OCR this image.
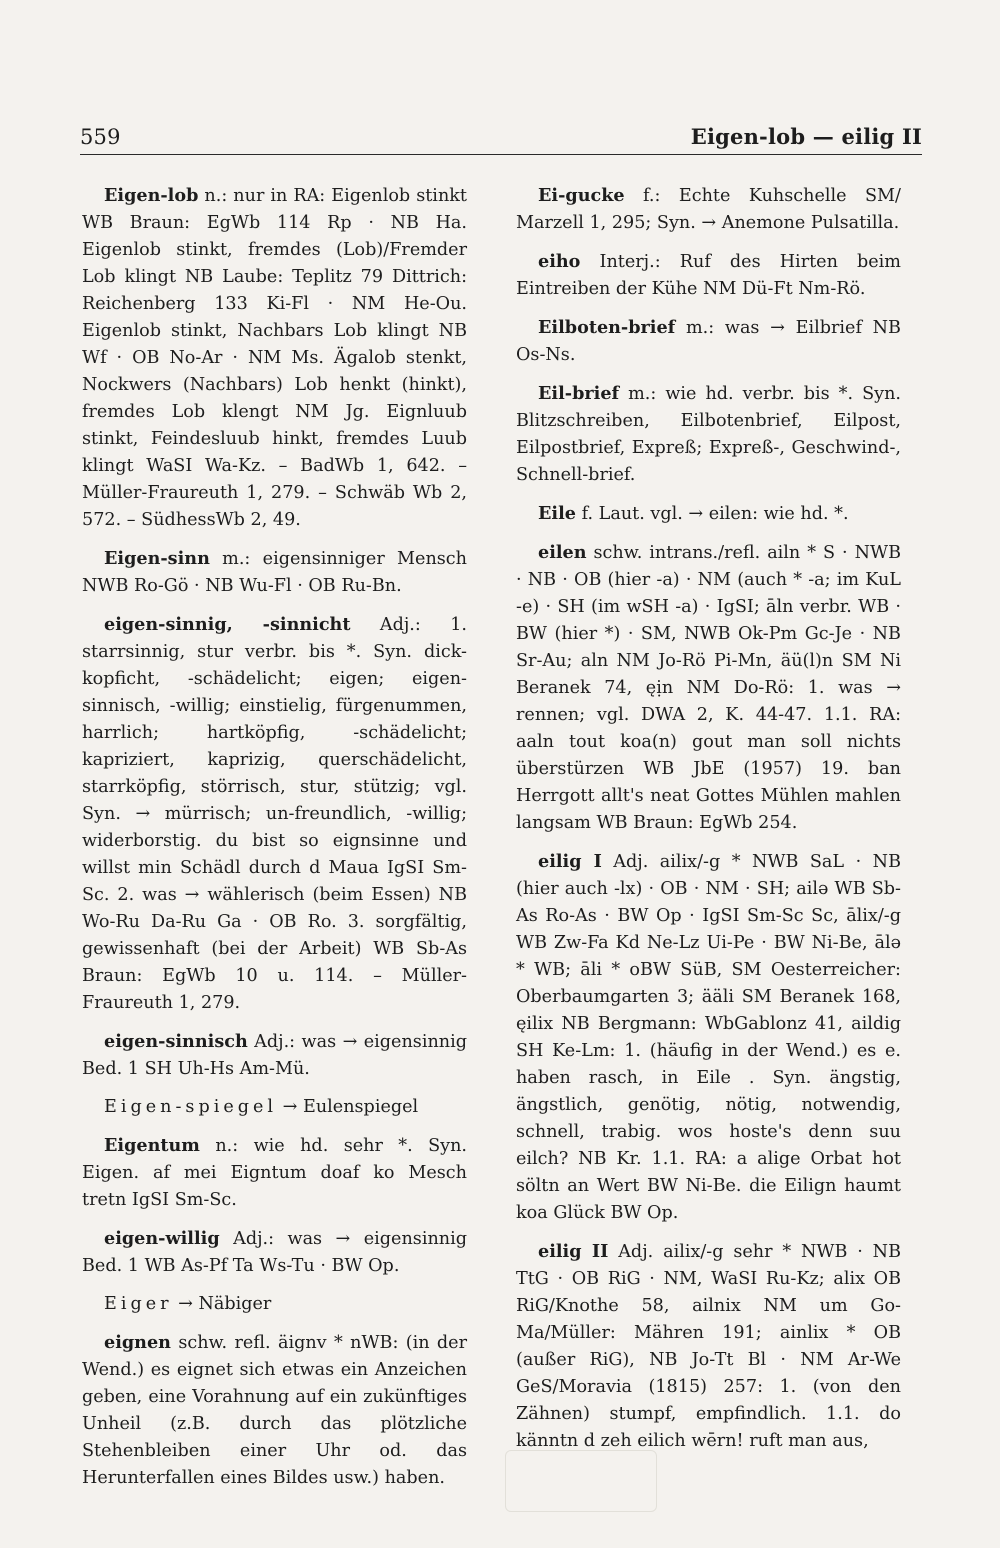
559	Eigen-lob — eilig II

Eigen-lob n.: nur in RA: Eigenlob stinkt WB Braun: EgWb 114 Rp · NB Ha. Eigenlob stinkt, fremdes (Lob)/Fremder Lob klingt NB Laube: Teplitz 79 Dittrich: Reichenberg 133 Ki-Fl · NM He-Ou. Eigenlob stinkt, Nachbars Lob klingt NB Wf · OB No-Ar · NM Ms. Ägalob stenkt, Nockwers (Nachbars) Lob henkt (hinkt), fremdes Lob klengt NM Jg. Eignluub stinkt, Feindesluub hinkt, fremdes Luub klingt WaSI Wa-Kz. – BadWb 1, 642. – Müller-Fraureuth 1, 279. – Schwäb Wb 2, 572. – SüdhessWb 2, 49.

Eigen-sinn m.: eigensinniger Mensch NWB Ro-Gö · NB Wu-Fl · OB Ru-Bn.

eigen-sinnig, -sinnicht Adj.: 1. starrsinnig, stur verbr. bis *. Syn. dick-kopficht, -schädelicht; eigen; eigen-sinnisch, -willig; einstielig, fürgenummen, harrlich; hartköpfig, -schädelicht; kapriziert, kaprizig, querschädelicht, starrköpfig, störrisch, stur, stützig; vgl. Syn. → mürrisch; un-freundlich, -willig; widerborstig. du bist so eignsinne und willst min Schädl durch d Maua IgSI Sm-Sc. 2. was → wählerisch (beim Essen) NB Wo-Ru Da-Ru Ga · OB Ro. 3. sorgfältig, gewissenhaft (bei der Arbeit) WB Sb-As Braun: EgWb 10 u. 114. – Müller-Fraureuth 1, 279.

eigen-sinnisch Adj.: was → eigensinnig Bed. 1 SH Uh-Hs Am-Mü.

Eigen-spiegel → Eulenspiegel

Eigentum n.: wie hd. sehr *. Syn. Eigen. af mei Eigntum doaf ko Mesch tretn IgSI Sm-Sc.

eigen-willig Adj.: was → eigensinnig Bed. 1 WB As-Pf Ta Ws-Tu · BW Op.

Eiger → Näbiger

eignen schw. refl. äignv * nWB: (in der Wend.) es eignet sich etwas ein Anzeichen geben, eine Vorahnung auf ein zukünftiges Unheil (z.B. durch das plötzliche Stehenbleiben einer Uhr od. das Herunterfallen eines Bildes usw.) haben.

Ei-gucke f.: Echte Kuhschelle SM/ Marzell 1, 295; Syn. → Anemone Pulsatilla.

eiho Interj.: Ruf des Hirten beim Eintreiben der Kühe NM Dü-Ft Nm-Rö.

Eilboten-brief m.: was → Eilbrief NB Os-Ns.

Eil-brief m.: wie hd. verbr. bis *. Syn. Blitzschreiben, Eilbotenbrief, Eilpost, Eilpostbrief, Expreß; Expreß-, Geschwind-, Schnell-brief.

Eile f. Laut. vgl. → eilen: wie hd. *.

eilen schw. intrans./refl. ailn * S · NWB · NB · OB (hier -a) · NM (auch * -a; im KuL -e) · SH (im wSH -a) · IgSI; āln verbr. WB · BW (hier *) · SM, NWB Ok-Pm Gc-Je · NB Sr-Au; aln NM Jo-Rö Pi-Mn, äü(l)n SM Ni Beranek 74, ęịn NM Do-Rö: 1. was → rennen; vgl. DWA 2, K. 44-47. 1.1. RA: aaln tout koa(n) gout man soll nichts überstürzen WB JbE (1957) 19. ban Herrgott allt's neat Gottes Mühlen mahlen langsam WB Braun: EgWb 254.

eilig I Adj. ailix/-g * NWB SaL · NB (hier auch -lx) · OB · NM · SH; ailə WB Sb-As Ro-As · BW Op · IgSI Sm-Sc Sc, ālix/-g WB Zw-Fa Kd Ne-Lz Ui-Pe · BW Ni-Be, ālə * WB; āli * oBW SüB, SM Oesterreicher: Oberbaumgarten 3; ääli SM Beranek 168, ęilix NB Bergmann: WbGablonz 41, aildig SH Ke-Lm: 1. (häufig in der Wend.) es e. haben rasch, in Eile . Syn. ängstig, ängstlich, genötig, nötig, notwendig, schnell, trabig. wos hoste's denn suu eilch? NB Kr. 1.1. RA: a alige Orbat hot söltn an Wert BW Ni-Be. die Eilign haumt koa Glück BW Op.

eilig II Adj. ailix/-g sehr * NWB · NB TtG · OB RiG · NM, WaSI Ru-Kz; alix OB RiG/Knothe 58, ailnix NM um Go-Ma/Müller: Mähren 191; ainlix * OB (außer RiG), NB Jo-Tt Bl · NM Ar-We GeS/Moravia (1815) 257: 1. (von den Zähnen) stumpf, empfindlich. 1.1. do känntn d zeh eilich wērn! ruft man aus,
